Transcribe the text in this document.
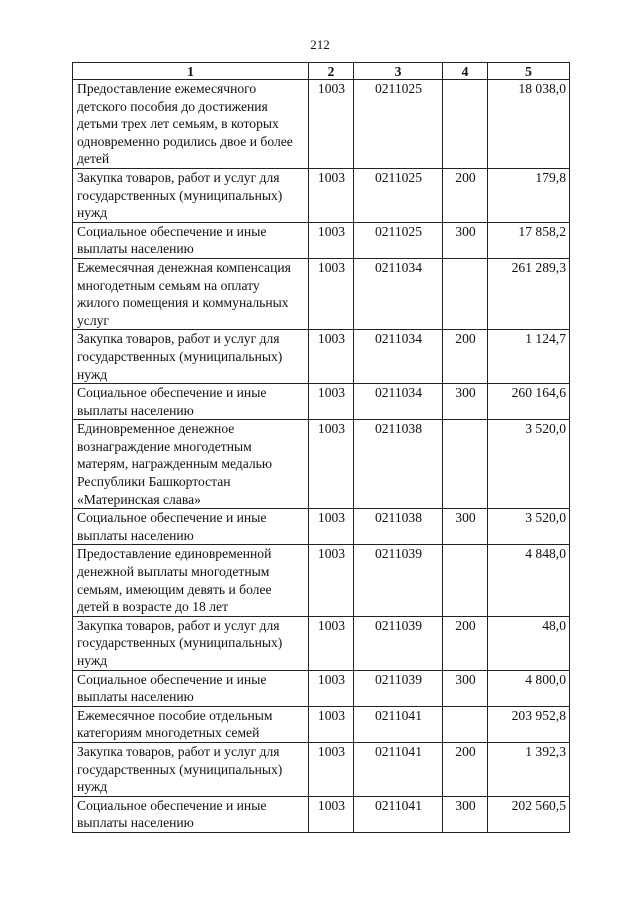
212
1	2	3	4	5
Предоставление ежемесячного детского пособия до достижения детьми трех лет семьям, в которых одновременно родились двое и более детей	1003	0211025		18 038,0
Закупка товаров, работ и услуг для государственных (муниципальных) нужд	1003	0211025	200	179,8
Социальное обеспечение и иные выплаты населению	1003	0211025	300	17 858,2
Ежемесячная денежная компенсация многодетным семьям на оплату жилого помещения и коммунальных услуг	1003	0211034		261 289,3
Закупка товаров, работ и услуг для государственных (муниципальных) нужд	1003	0211034	200	1 124,7
Социальное обеспечение и иные выплаты населению	1003	0211034	300	260 164,6
Единовременное денежное вознаграждение многодетным матерям, награжденным медалью Республики Башкортостан «Материнская слава»	1003	0211038		3 520,0
Социальное обеспечение и иные выплаты населению	1003	0211038	300	3 520,0
Предоставление единовременной денежной выплаты многодетным семьям, имеющим девять и более детей в возрасте до 18 лет	1003	0211039		4 848,0
Закупка товаров, работ и услуг для государственных (муниципальных) нужд	1003	0211039	200	48,0
Социальное обеспечение и иные выплаты населению	1003	0211039	300	4 800,0
Ежемесячное пособие отдельным категориям многодетных семей	1003	0211041		203 952,8
Закупка товаров, работ и услуг для государственных (муниципальных) нужд	1003	0211041	200	1 392,3
Социальное обеспечение и иные выплаты населению	1003	0211041	300	202 560,5
